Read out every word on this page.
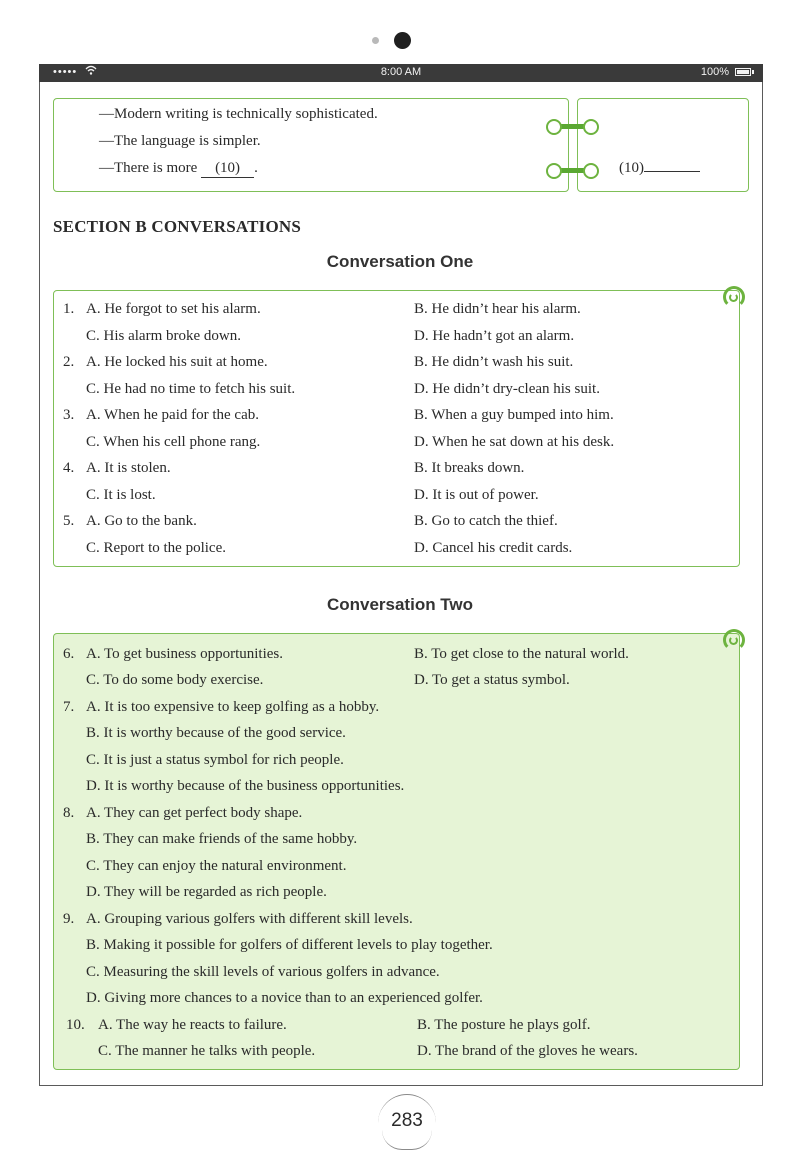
•••••	8:00 AM	100%
—Modern writing is technically sophisticated.
—The language is simpler.
—There is more (10) .	(10)
SECTION B CONVERSATIONS
Conversation One
1. A. He forgot to set his alarm.	B. He didn’t hear his alarm.
C. His alarm broke down.	D. He hadn’t got an alarm.
2. A. He locked his suit at home.	B. He didn’t wash his suit.
C. He had no time to fetch his suit.	D. He didn’t dry-clean his suit.
3. A. When he paid for the cab.	B. When a guy bumped into him.
C. When his cell phone rang.	D. When he sat down at his desk.
4. A. It is stolen.	B. It breaks down.
C. It is lost.	D. It is out of power.
5. A. Go to the bank.	B. Go to catch the thief.
C. Report to the police.	D. Cancel his credit cards.
Conversation Two
6. A. To get business opportunities.	B. To get close to the natural world.
C. To do some body exercise.	D. To get a status symbol.
7. A. It is too expensive to keep golfing as a hobby.
B. It is worthy because of the good service.
C. It is just a status symbol for rich people.
D. It is worthy because of the business opportunities.
8. A. They can get perfect body shape.
B. They can make friends of the same hobby.
C. They can enjoy the natural environment.
D. They will be regarded as rich people.
9. A. Grouping various golfers with different skill levels.
B. Making it possible for golfers of different levels to play together.
C. Measuring the skill levels of various golfers in advance.
D. Giving more chances to a novice than to an experienced golfer.
10. A. The way he reacts to failure.	B. The posture he plays golf.
C. The manner he talks with people.	D. The brand of the gloves he wears.
283
